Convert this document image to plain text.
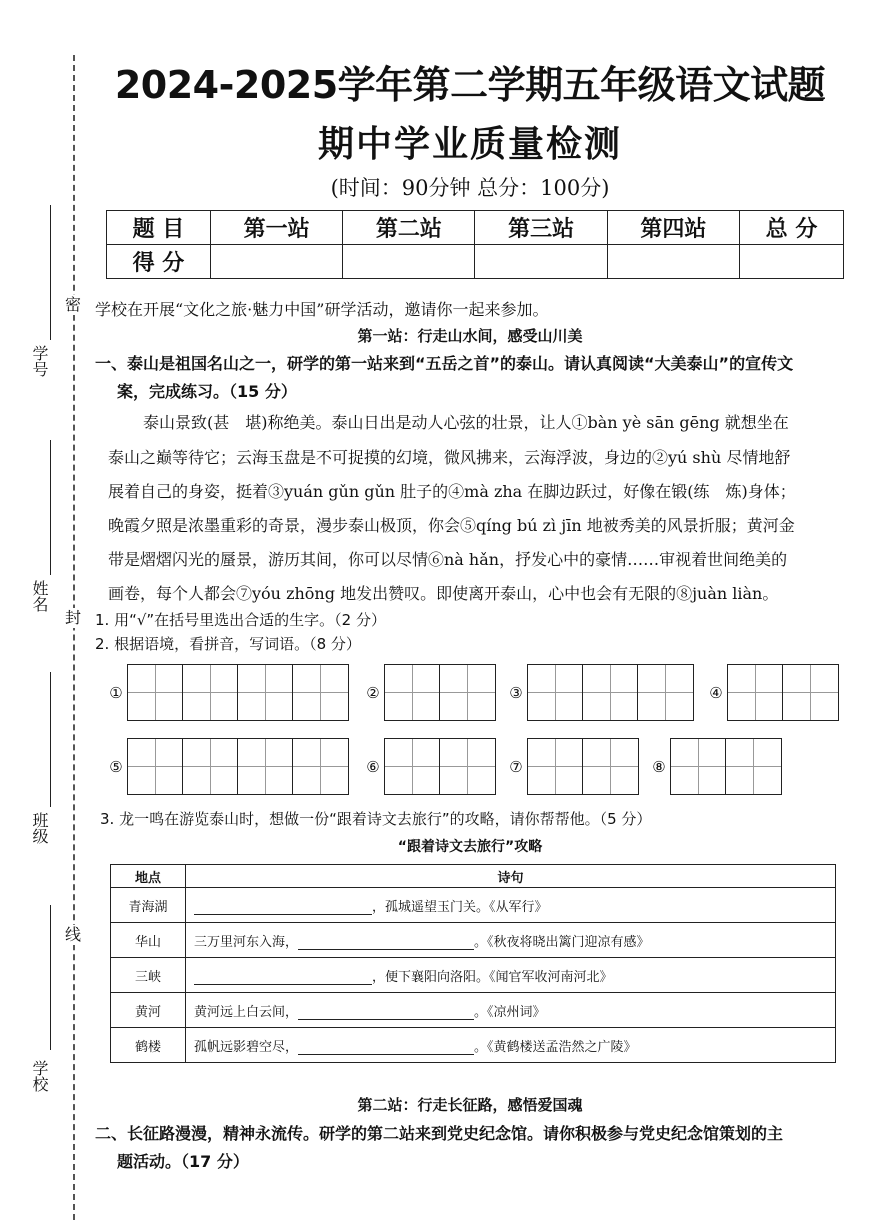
密
封
线
学号
姓名
班级
学校
2024-2025学年第二学期五年级语文试题
期中学业质量检测
(时间：90分钟 总分：100分)
题 目	第一站	第二站	第三站	第四站	总 分
得 分					
学校在开展“文化之旅·魅力中国”研学活动，邀请你一起来参加。
第一站：行走山水间，感受山川美
一、泰山是祖国名山之一，研学的第一站来到“五岳之首”的泰山。请认真阅读“大美泰山”的宣传文
案，完成练习。（15 分）
泰山景致(甚　堪)称绝美。泰山日出是动人心弦的壮景，让人①bàn yè sān gēng 就想坐在
泰山之巅等待它；云海玉盘是不可捉摸的幻境，微风拂来，云海浮波，身边的②yú shù 尽情地舒
展着自己的身姿，挺着③yuán gǔn gǔn 肚子的④mà zha 在脚边跃过，好像在锻(练　炼)身体；
晚霞夕照是浓墨重彩的奇景，漫步泰山极顶，你会⑤qíng bú zì jīn 地被秀美的风景折服；黄河金
带是熠熠闪光的蜃景，游历其间，你可以尽情⑥nà hǎn，抒发心中的豪情……审视着世间绝美的
画卷，每个人都会⑦yóu zhōng 地发出赞叹。即使离开泰山，心中也会有无限的⑧juàn liàn。
1. 用“√”在括号里选出合适的生字。（2 分）
2. 根据语境，看拼音，写词语。（8 分）
①	②	③	④
⑤	⑥	⑦	⑧
3. 龙一鸣在游览泰山时，想做一份“跟着诗文去旅行”的攻略，请你帮帮他。（5 分）
“跟着诗文去旅行”攻略
地点	诗句
青海湖	，孤城遥望玉门关。《从军行》
华山	三万里河东入海， 。《秋夜将晓出篱门迎凉有感》
三峡	，便下襄阳向洛阳。《闻官军收河南河北》
黄河	黄河远上白云间， 。《凉州词》
鹤楼	孤帆远影碧空尽， 。《黄鹤楼送孟浩然之广陵》
第二站：行走长征路，感悟爱国魂
二、长征路漫漫，精神永流传。研学的第二站来到党史纪念馆。请你积极参与党史纪念馆策划的主
题活动。（17 分）
